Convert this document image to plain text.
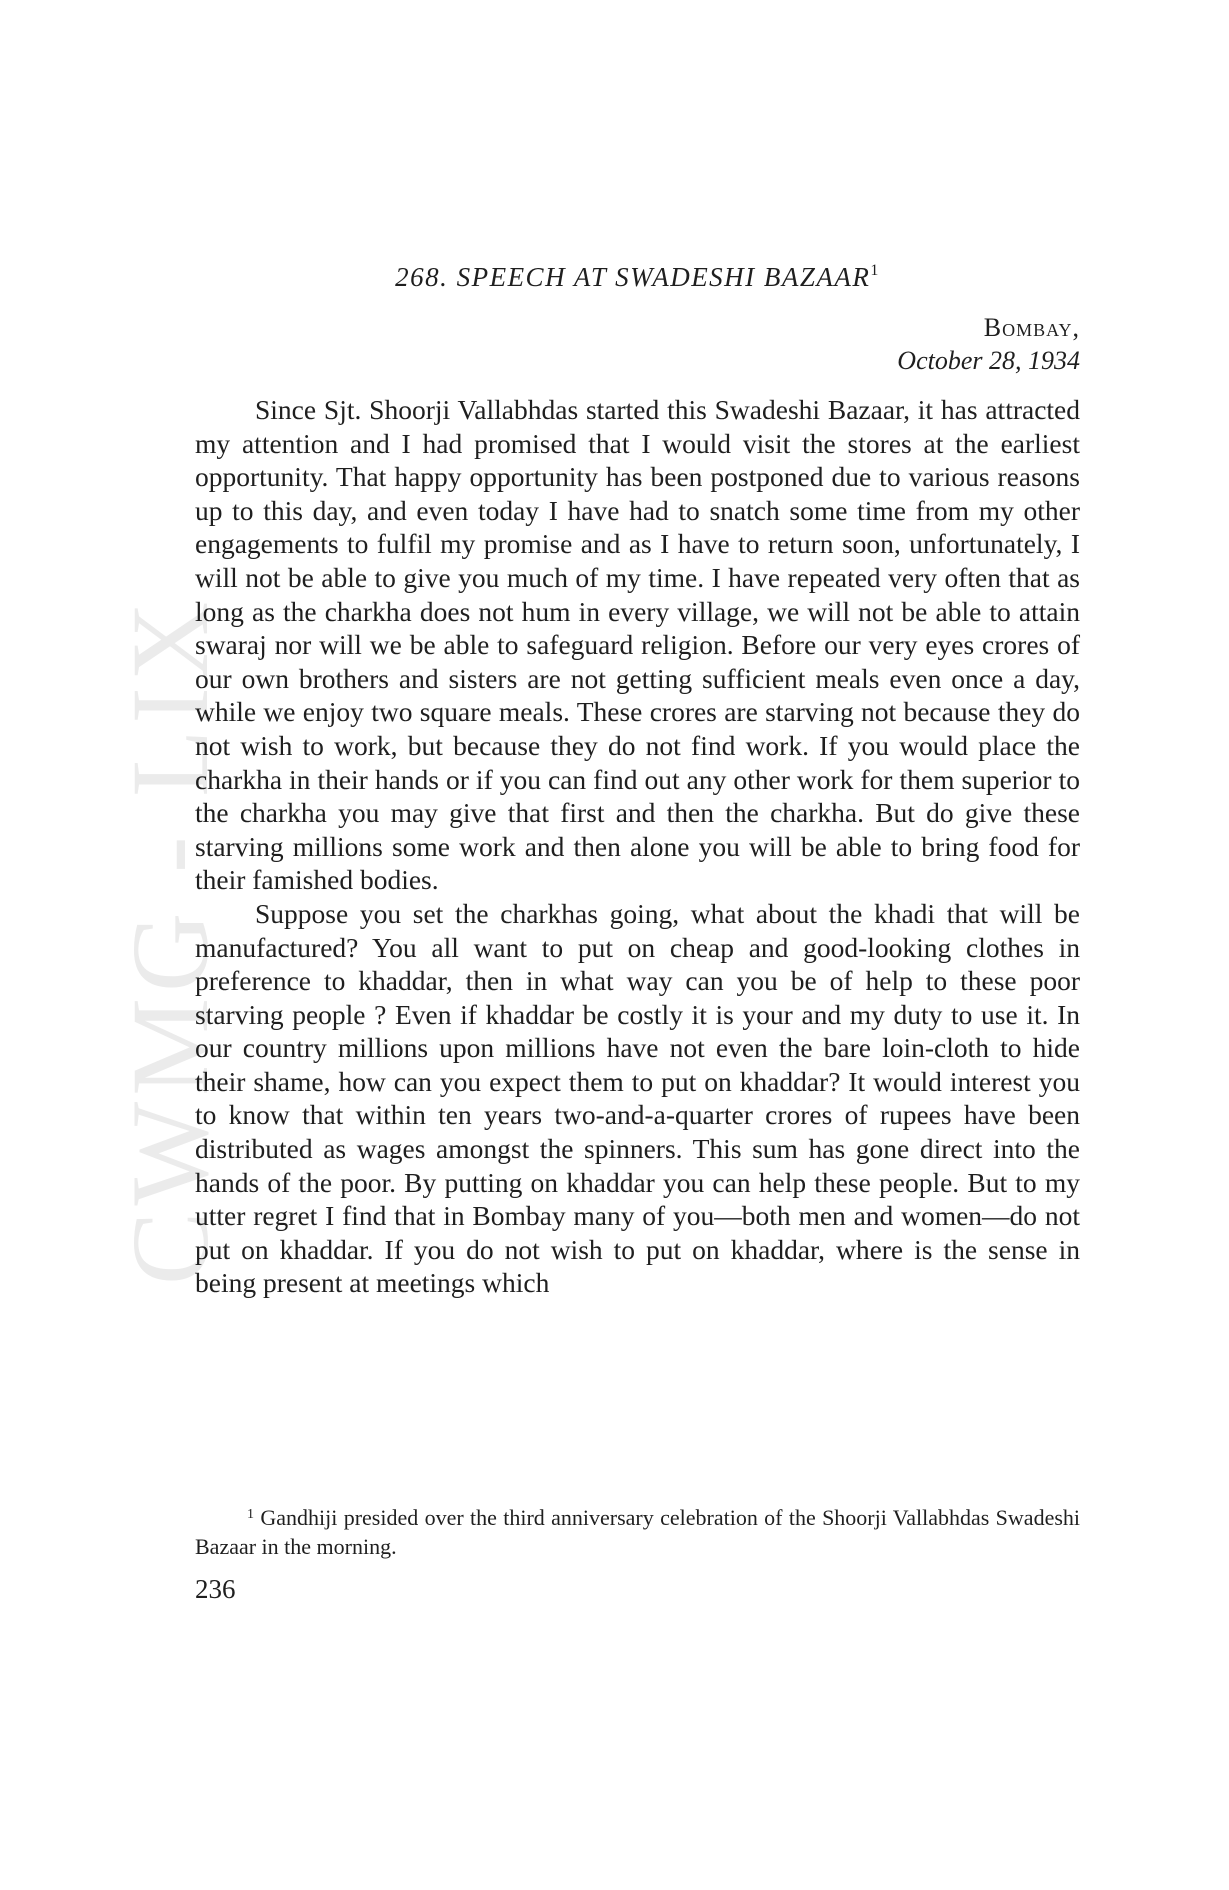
CWMG - LIX
268. SPEECH AT SWADESHI BAZAAR$^1$
Bombay,
October 28, 1934

Since Sjt. Shoorji Vallabhdas started this Swadeshi Bazaar, it has attracted my attention and I had promised that I would visit the stores at the earliest opportunity. That happy opportunity has been postponed due to various reasons up to this day, and even today I have had to snatch some time from my other engagements to fulfil my promise and as I have to return soon, unfortunately, I will not be able to give you much of my time. I have repeated very often that as long as the charkha does not hum in every village, we will not be able to attain swaraj nor will we be able to safeguard religion. Before our very eyes crores of our own brothers and sisters are not getting sufficient meals even once a day, while we enjoy two square meals. These crores are starving not because they do not wish to work, but because they do not find work. If you would place the charkha in their hands or if you can find out any other work for them superior to the charkha you may give that first and then the charkha. But do give these starving millions some work and then alone you will be able to bring food for their famished bodies.

Suppose you set the charkhas going, what about the khadi that will be manufactured? You all want to put on cheap and good-looking clothes in preference to khaddar, then in what way can you be of help to these poor starving people ? Even if khaddar be costly it is your and my duty to use it. In our country millions upon millions have not even the bare loin-cloth to hide their shame, how can you expect them to put on khaddar? It would interest you to know that within ten years two-and-a-quarter crores of rupees have been distributed as wages amongst the spinners. This sum has gone direct into the hands of the poor. By putting on khaddar you can help these people. But to my utter regret I find that in Bombay many of you—both men and women—do not put on khaddar. If you do not wish to put on khaddar, where is the sense in being present at meetings which

$^1$ Gandhiji presided over the third anniversary celebration of the Shoorji Vallabhdas Swadeshi Bazaar in the morning.

236
